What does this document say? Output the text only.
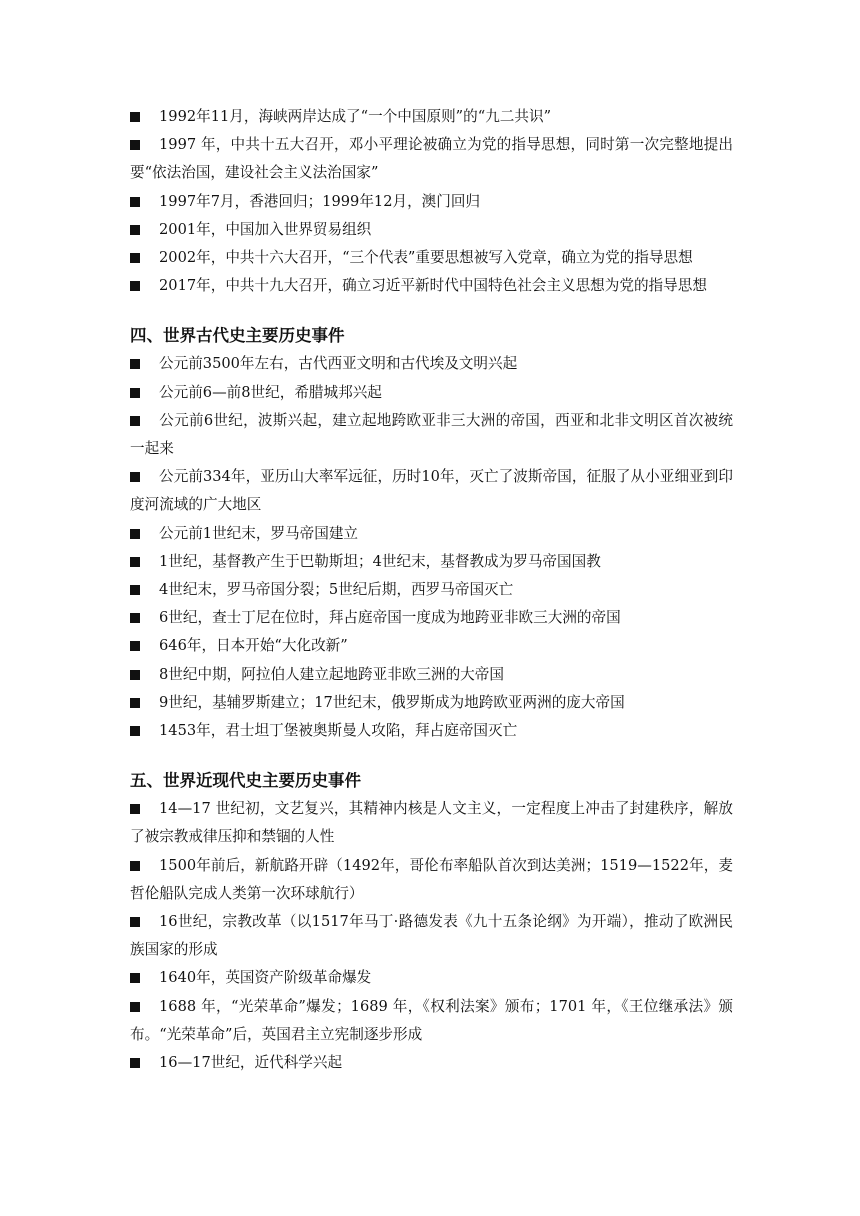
1992年11月，海峡两岸达成了“一个中国原则”的“九二共识”

1997 年，中共十五大召开，邓小平理论被确立为党的指导思想，同时第一次完整地提出要“依法治国，建设社会主义法治国家”

1997年7月，香港回归；1999年12月，澳门回归

2001年，中国加入世界贸易组织

2002年，中共十六大召开，“三个代表”重要思想被写入党章，确立为党的指导思想

2017年，中共十九大召开，确立习近平新时代中国特色社会主义思想为党的指导思想

四、世界古代史主要历史事件

公元前3500年左右，古代西亚文明和古代埃及文明兴起

公元前6—前8世纪，希腊城邦兴起

公元前6世纪，波斯兴起，建立起地跨欧亚非三大洲的帝国，西亚和北非文明区首次被统一起来

公元前334年，亚历山大率军远征，历时10年，灭亡了波斯帝国，征服了从小亚细亚到印度河流域的广大地区

公元前1世纪末，罗马帝国建立

1世纪，基督教产生于巴勒斯坦；4世纪末，基督教成为罗马帝国国教

4世纪末，罗马帝国分裂；5世纪后期，西罗马帝国灭亡

6世纪，查士丁尼在位时，拜占庭帝国一度成为地跨亚非欧三大洲的帝国

646年，日本开始“大化改新”

8世纪中期，阿拉伯人建立起地跨亚非欧三洲的大帝国

9世纪，基辅罗斯建立；17世纪末，俄罗斯成为地跨欧亚两洲的庞大帝国

1453年，君士坦丁堡被奥斯曼人攻陷，拜占庭帝国灭亡

五、世界近现代史主要历史事件

14—17 世纪初，文艺复兴，其精神内核是人文主义，一定程度上冲击了封建秩序，解放了被宗教戒律压抑和禁锢的人性

1500年前后，新航路开辟（1492年，哥伦布率船队首次到达美洲；1519—1522年，麦哲伦船队完成人类第一次环球航行）

16世纪，宗教改革（以1517年马丁·路德发表《九十五条论纲》为开端），推动了欧洲民族国家的形成

1640年，英国资产阶级革命爆发

1688 年，“光荣革命”爆发；1689 年，《权利法案》颁布；1701 年，《王位继承法》颁布。“光荣革命”后，英国君主立宪制逐步形成

16—17世纪，近代科学兴起
